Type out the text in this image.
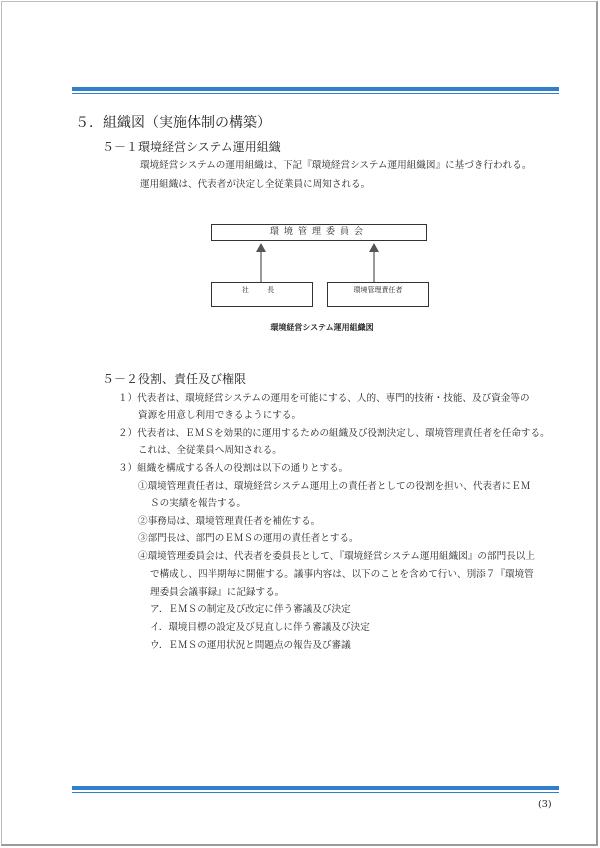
５．組織図（実施体制の構築）
５－１環境経営システム運用組織
環境経営システムの運用組織は、下記『環境経営システム運用組織図』に基づき行われる。
運用組織は、代表者が決定し全従業員に周知される。
環境管理委員会
社 長	環境管理責任者
環境経営システム運用組織図
５－２役割、責任及び権限
１）代表者は、環境経営システムの運用を可能にする、人的、専門的技術・技能、及び資金等の
資源を用意し利用できるようにする。
２）代表者は、ＥＭＳを効果的に運用するための組織及び役割決定し、環境管理責任者を任命する。
これは、全従業員へ周知される。
３）組織を構成する各人の役割は以下の通りとする。
①環境管理責任者は、環境経営システム運用上の責任者としての役割を担い、代表者にＥＭ
Ｓの実績を報告する。
②事務局は、環境管理責任者を補佐する。
③部門長は、部門のＥＭＳの運用の責任者とする。
④環境管理委員会は、代表者を委員長として、『環境経営システム運用組織図』の部門長以上
で構成し、四半期毎に開催する。議事内容は、以下のことを含めて行い、別添７『環境管
理委員会議事録』に記録する。
ア．ＥＭＳの制定及び改定に伴う審議及び決定
イ．環境目標の設定及び見直しに伴う審議及び決定
ウ．ＥＭＳの運用状況と問題点の報告及び審議
(3)
